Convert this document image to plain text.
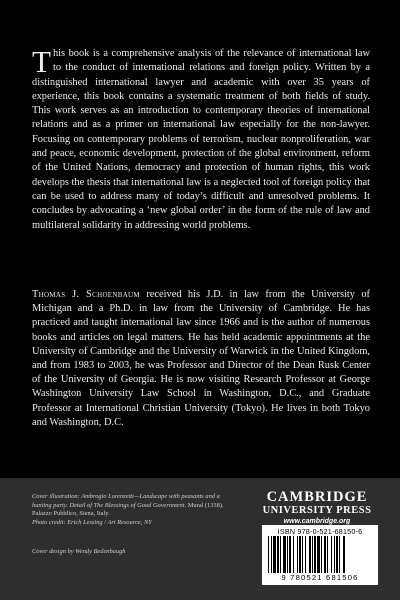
This book is a comprehensive analysis of the relevance of international law to the conduct of international relations and foreign policy. Written by a distinguished international lawyer and academic with over 35 years of experience, this book contains a systematic treatment of both fields of study. This work serves as an introduction to contemporary theories of international relations and as a primer on international law especially for the non-lawyer. Focusing on contemporary problems of terrorism, nuclear nonproliferation, war and peace, economic development, protection of the global environment, reform of the United Nations, democracy and protection of human rights, this work develops the thesis that international law is a neglected tool of foreign policy that can be used to address many of today’s difficult and unresolved problems. It concludes by advocating a ‘new global order’ in the form of the rule of law and multilateral solidarity in addressing world problems.
Thomas J. Schoenbaum received his J.D. in law from the University of Michigan and a Ph.D. in law from the University of Cambridge. He has practiced and taught international law since 1966 and is the author of numerous books and articles on legal matters. He has held academic appointments at the University of Cambridge and the University of Warwick in the United Kingdom, and from 1983 to 2003, he was Professor and Director of the Dean Rusk Center of the University of Georgia. He is now visiting Research Professor at George Washington University Law School in Washington, D.C., and Graduate Professor at International Christian University (Tokyo). He lives in both Tokyo and Washington, D.C.
Cover illustration: Ambrogio Lorenzetti—Landscape with peasants and a hunting party. Detail of The Blessings of Good Government. Mural (1338). Palazzo Pubblico, Siena, Italy.
Photo credit: Erich Lessing / Art Resource, NY
Cover design by Wendy Bedenbaugh
CAMBRIDGE
UNIVERSITY PRESS
www.cambridge.org
ISBN 978-0-521-68150-6
9 780521 681506
